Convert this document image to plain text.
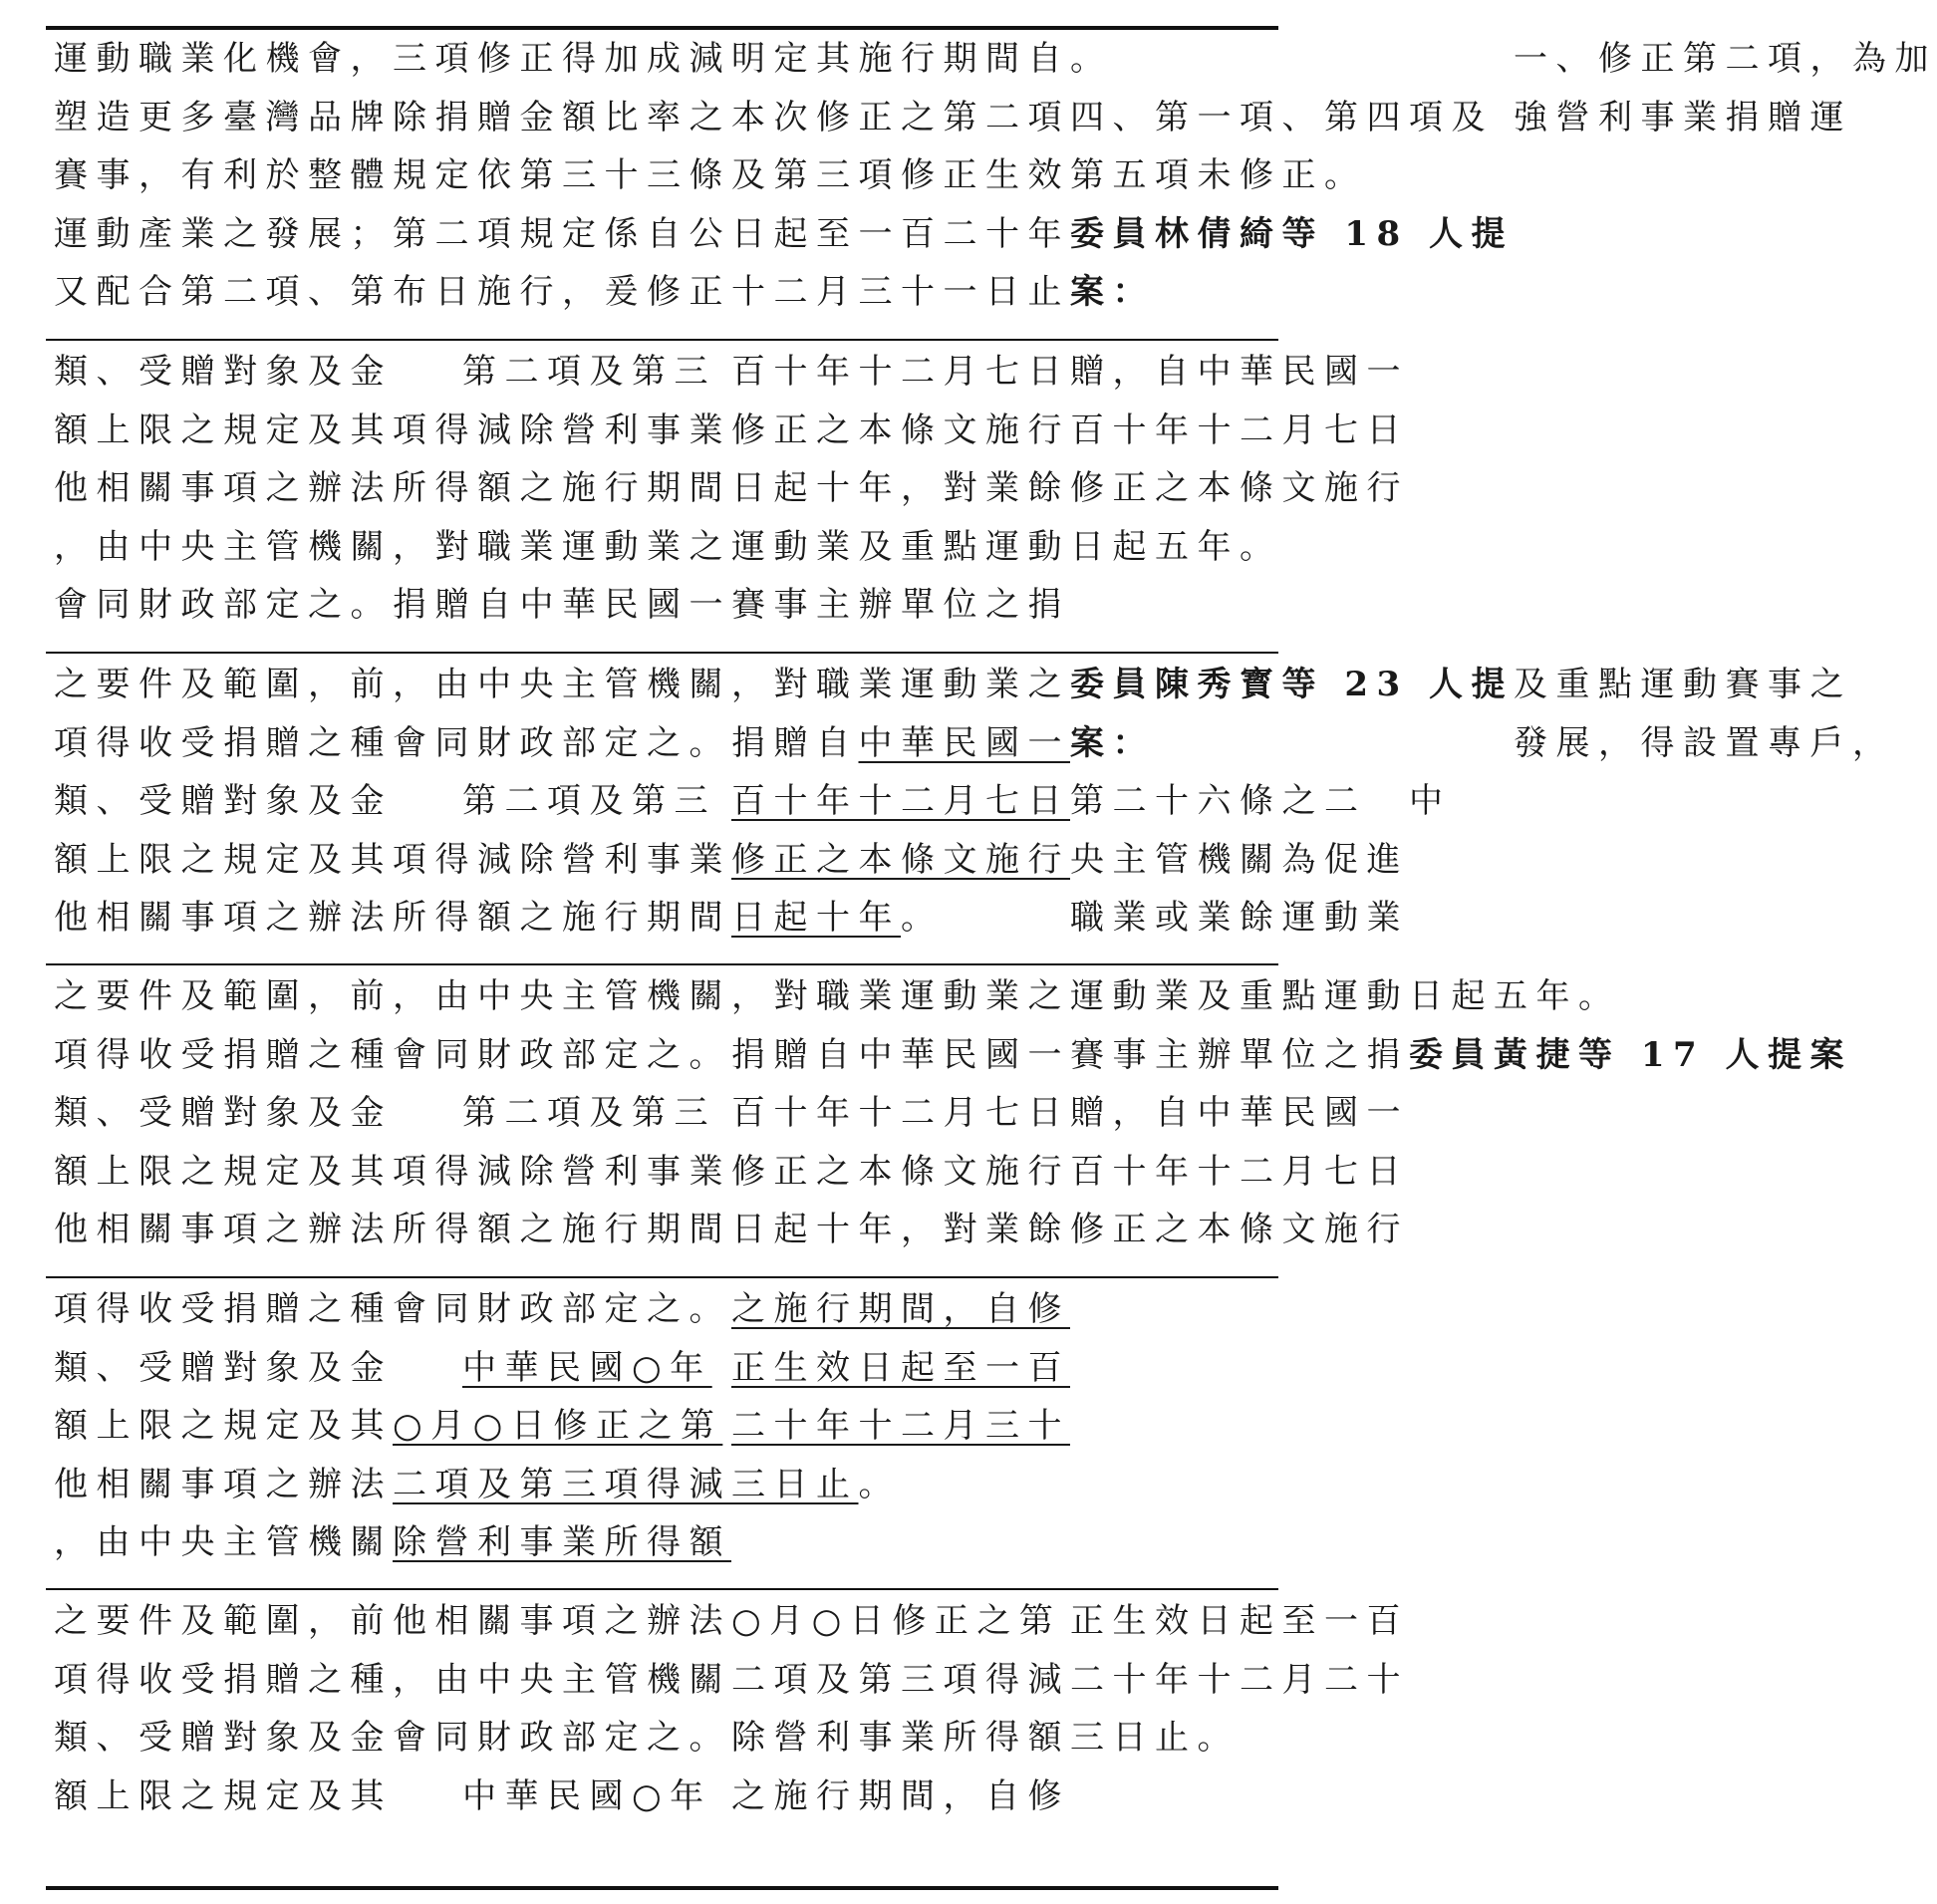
運動職業化機會，
塑造更多臺灣品牌
賽事，有利於整體
運動產業之發展；
又配合第二項、第
三項修正得加成減
除捐贈金額比率之
規定依第三十三條
第二項規定係自公
布日施行，爰修正
明定其施行期間自
本次修正之第二項
及第三項修正生效
日起至一百二十年
十二月三十一日止
。
四、第一項、第四項及
第五項未修正。
委員林倩綺等 18 人提
案：
一、修正第二項，為加
強營利事業捐贈運
類、受贈對象及金
額上限之規定及其
他相關事項之辦法
，由中央主管機關
會同財政部定之。
第二項及第三
項得減除營利事業
所得額之施行期間
，對職業運動業之
捐贈自中華民國一
百十年十二月七日
修正之本條文施行
日起十年，對業餘
運動業及重點運動
賽事主辦單位之捐
贈，自中華民國一
百十年十二月七日
修正之本條文施行
日起五年。
之要件及範圍，前
項得收受捐贈之種
類、受贈對象及金
額上限之規定及其
他相關事項之辦法
，由中央主管機關
會同財政部定之。
第二項及第三
項得減除營利事業
所得額之施行期間
，對職業運動業之
捐贈自中華民國一
百十年十二月七日
修正之本條文施行
日起十年。
委員陳秀寳等 23 人提
案：
第二十六條之二　中
央主管機關為促進
職業或業餘運動業
及重點運動賽事之
發展，得設置專戶，
之要件及範圍，前
項得收受捐贈之種
類、受贈對象及金
額上限之規定及其
他相關事項之辦法
，由中央主管機關
會同財政部定之。
第二項及第三
項得減除營利事業
所得額之施行期間
，對職業運動業之
捐贈自中華民國一
百十年十二月七日
修正之本條文施行
日起十年，對業餘
運動業及重點運動
賽事主辦單位之捐
贈，自中華民國一
百十年十二月七日
修正之本條文施行
日起五年。
委員黃捷等 17 人提案
項得收受捐贈之種
類、受贈對象及金
額上限之規定及其
他相關事項之辦法
，由中央主管機關
會同財政部定之。
中華民國○年
○月○日修正之第
二項及第三項得減
除營利事業所得額
之施行期間，自修
正生效日起至一百
二十年十二月三十
三日止。
之要件及範圍，前
項得收受捐贈之種
類、受贈對象及金
額上限之規定及其
他相關事項之辦法
，由中央主管機關
會同財政部定之。
中華民國○年
○月○日修正之第
二項及第三項得減
除營利事業所得額
之施行期間，自修
正生效日起至一百
二十年十二月二十
三日止。
